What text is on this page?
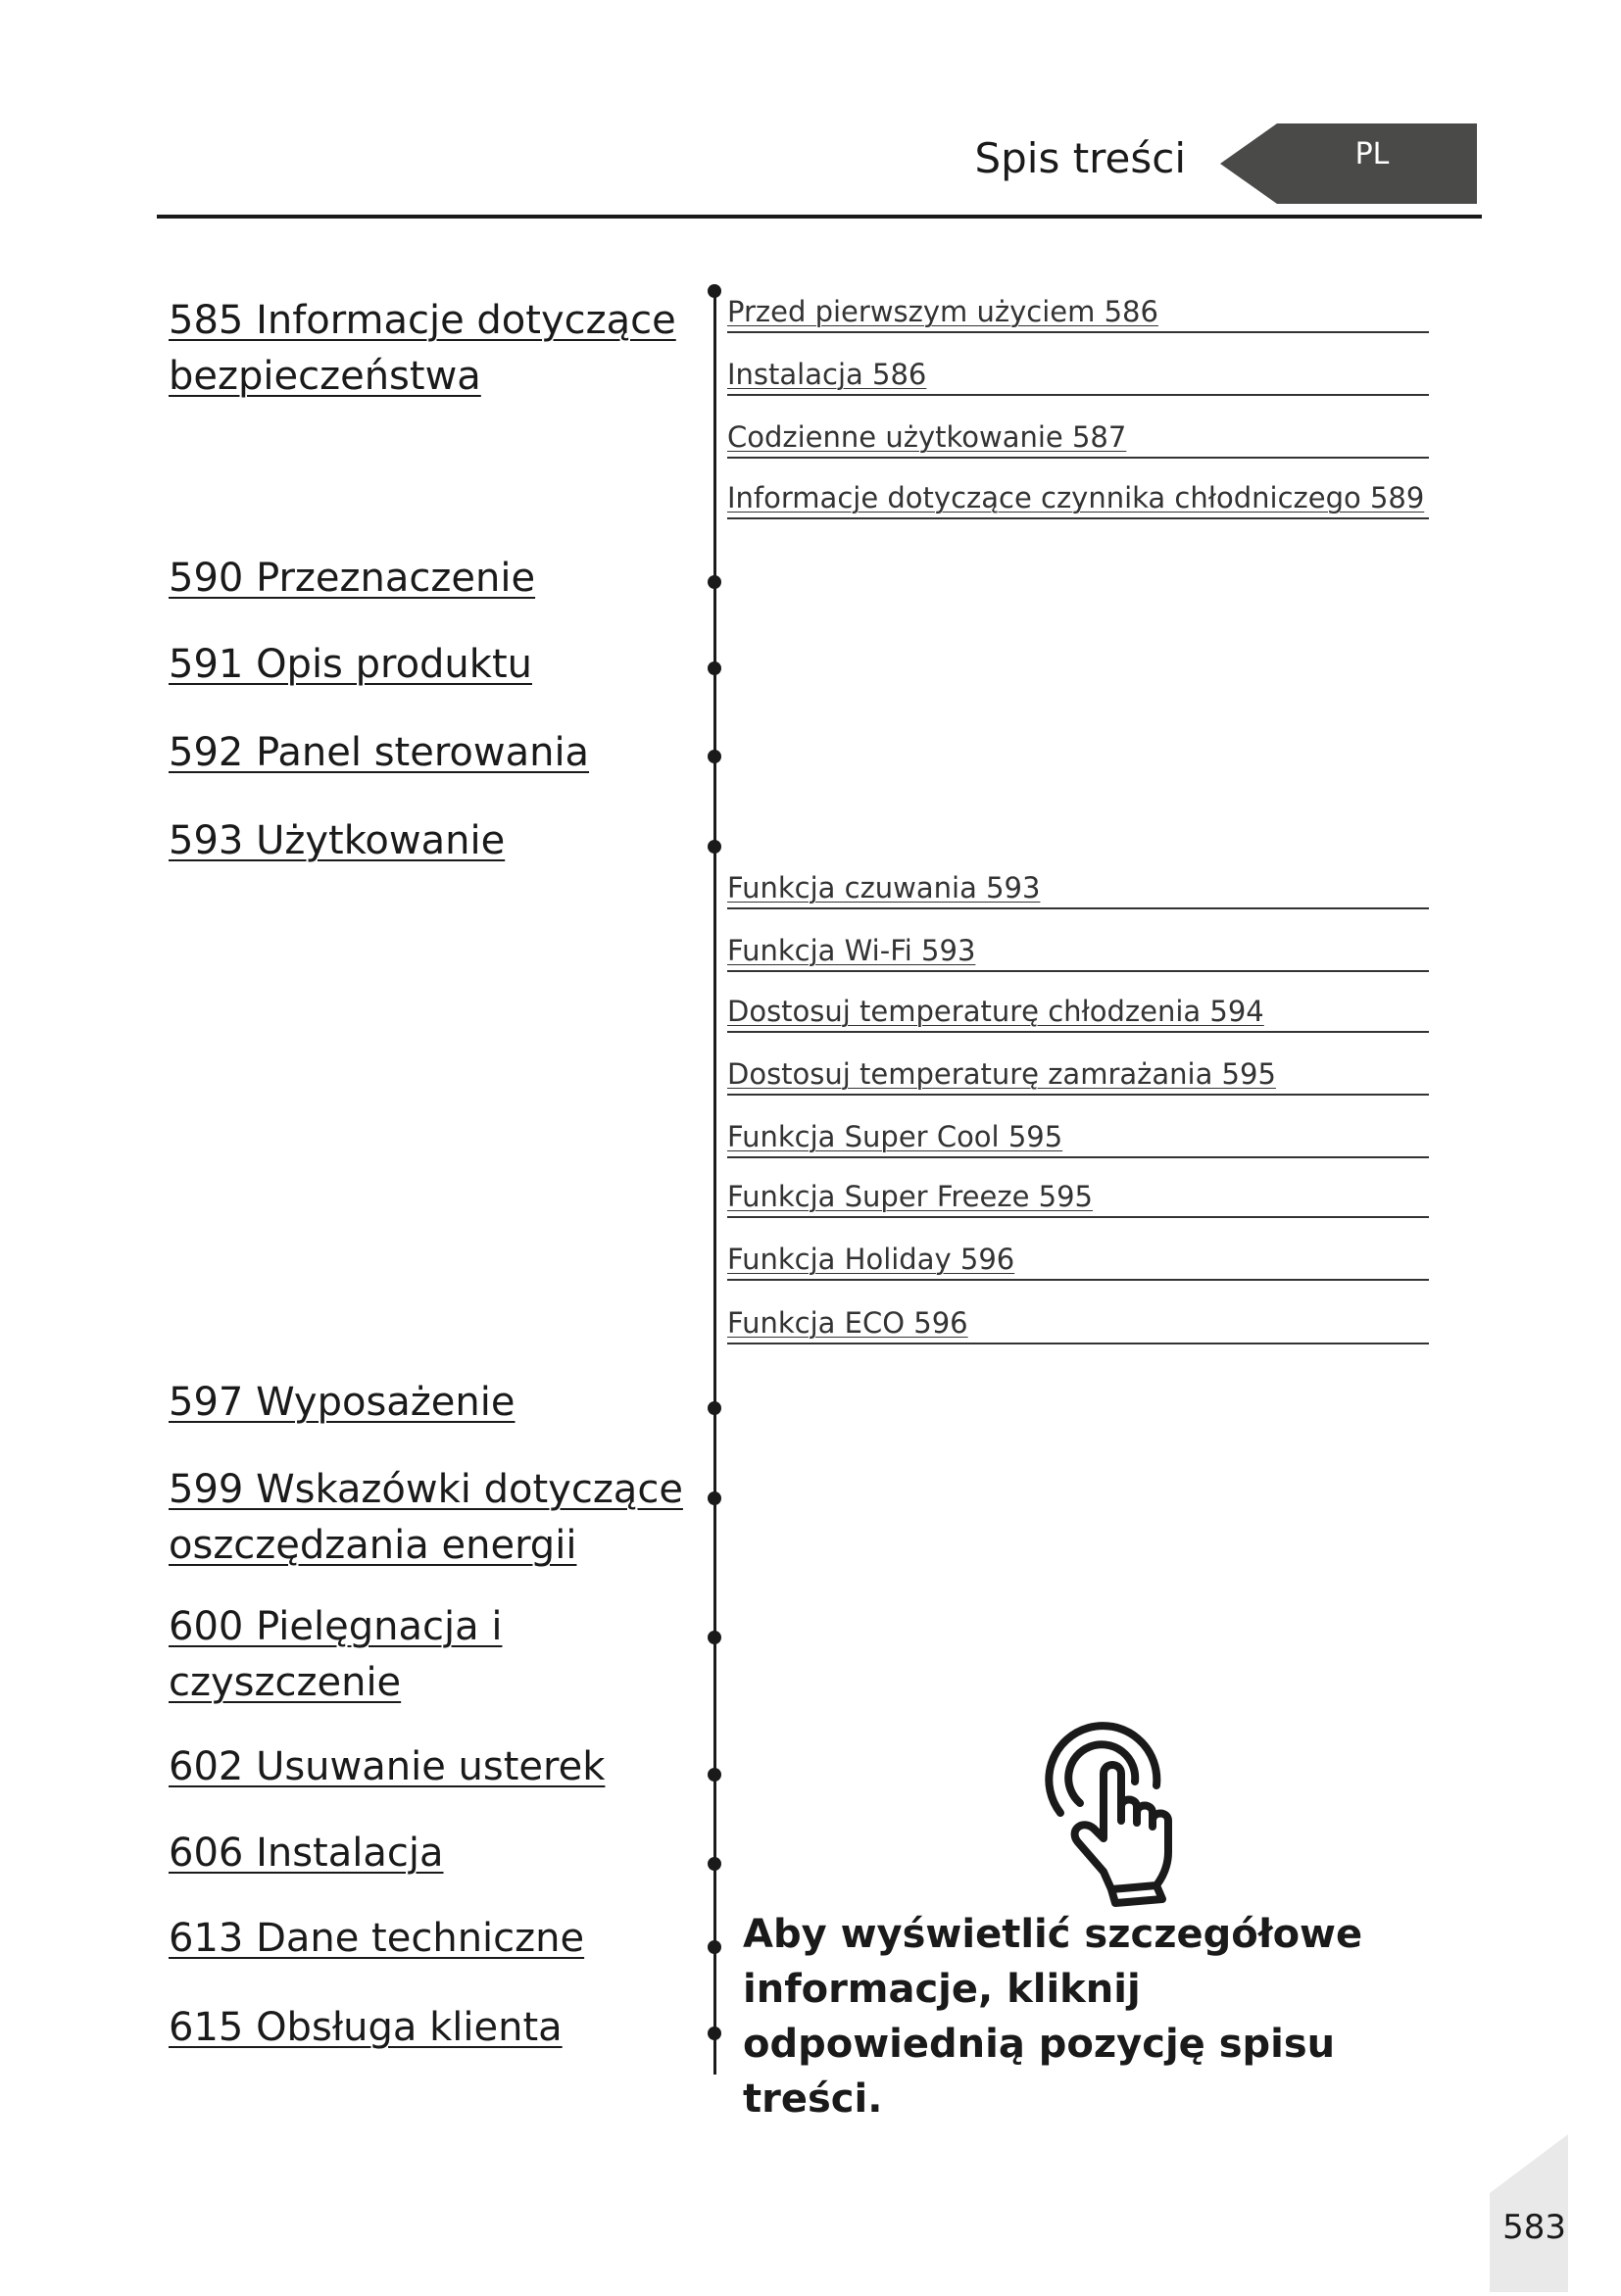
Spis treści	PL
585 Informacje dotyczące bezpieczeństwa
590 Przeznaczenie
591 Opis produktu
592 Panel sterowania
593 Użytkowanie
597 Wyposażenie
599 Wskazówki dotyczące oszczędzania energii
600 Pielęgnacja i czyszczenie
602 Usuwanie usterek
606 Instalacja
613 Dane techniczne
615 Obsługa klienta
Przed pierwszym użyciem 586
Instalacja 586
Codzienne użytkowanie 587
Informacje dotyczące czynnika chłodniczego 589
Funkcja czuwania 593
Funkcja Wi-Fi 593
Dostosuj temperaturę chłodzenia 594
Dostosuj temperaturę zamrażania 595
Funkcja Super Cool 595
Funkcja Super Freeze 595
Funkcja Holiday 596
Funkcja ECO 596
Aby wyświetlić szczegółowe informacje, kliknij odpowiednią pozycję spisu treści.
583
